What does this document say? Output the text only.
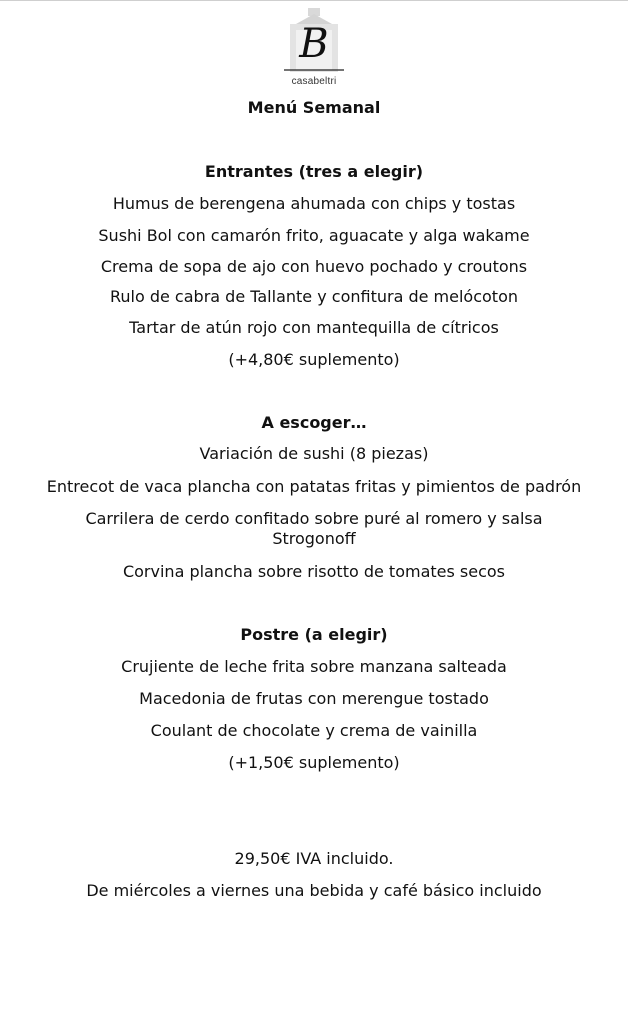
B
casabeltri
Menú Semanal
Entrantes (tres a elegir)
Humus de berengena ahumada con chips y tostas
Sushi Bol con camarón frito, aguacate y alga wakame
Crema de sopa de ajo con huevo pochado y croutons
Rulo de cabra de Tallante y confitura de melócoton
Tartar de atún rojo con mantequilla de cítricos
(+4,80€ suplemento)
A escoger…
Variación de sushi (8 piezas)
Entrecot de vaca plancha con patatas fritas y pimientos de padrón
Carrilera de cerdo confitado sobre puré al romero y salsa Strogonoff
Corvina plancha sobre risotto de tomates secos
Postre (a elegir)
Crujiente de leche frita sobre manzana salteada
Macedonia de frutas con merengue tostado
Coulant de chocolate y crema de vainilla
(+1,50€ suplemento)
29,50€ IVA incluido.
De miércoles a viernes una bebida y café básico incluido
